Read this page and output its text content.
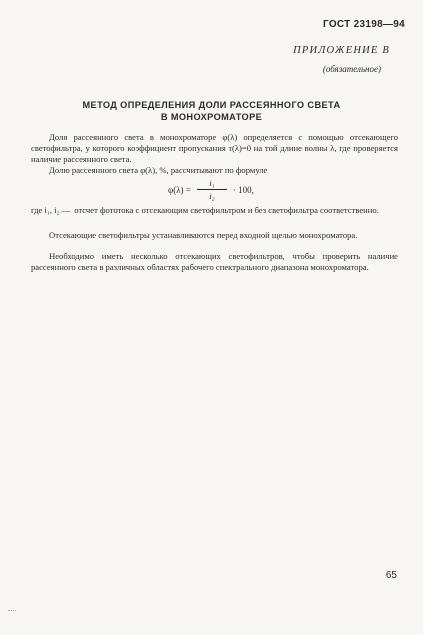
ГОСТ 23198—94
ПРИЛОЖЕНИЕ В
(обязательное)
МЕТОД ОПРЕДЕЛЕНИЯ ДОЛИ РАССЕЯННОГО СВЕТА
В МОНОХРОМАТОРЕ
Доля рассеянного света в монохроматоре φ(λ) определяется с помощью отсекающего светофильтра, у которого коэффициент пропускания τ(λ)=0 на той длине волны λ, где проверяется наличие рассеянного света.
Долю рассеянного света φ(λ), %, рассчитывают по формуле
$\varphi(\lambda) = \frac{\text{i₁}}{\text{i₂}} \cdot 100$,
где i₁, i₂ — отсчет фототока с отсекающим светофильтром и без светофильтра соответственно.
Отсекающие светофильтры устанавливаются перед входной щелью монохроматора.
Необходимо иметь несколько отсекающих светофильтров, чтобы проверить наличие рассеянного света в различных областях рабочего спектрального диапазона монохроматора.
65
